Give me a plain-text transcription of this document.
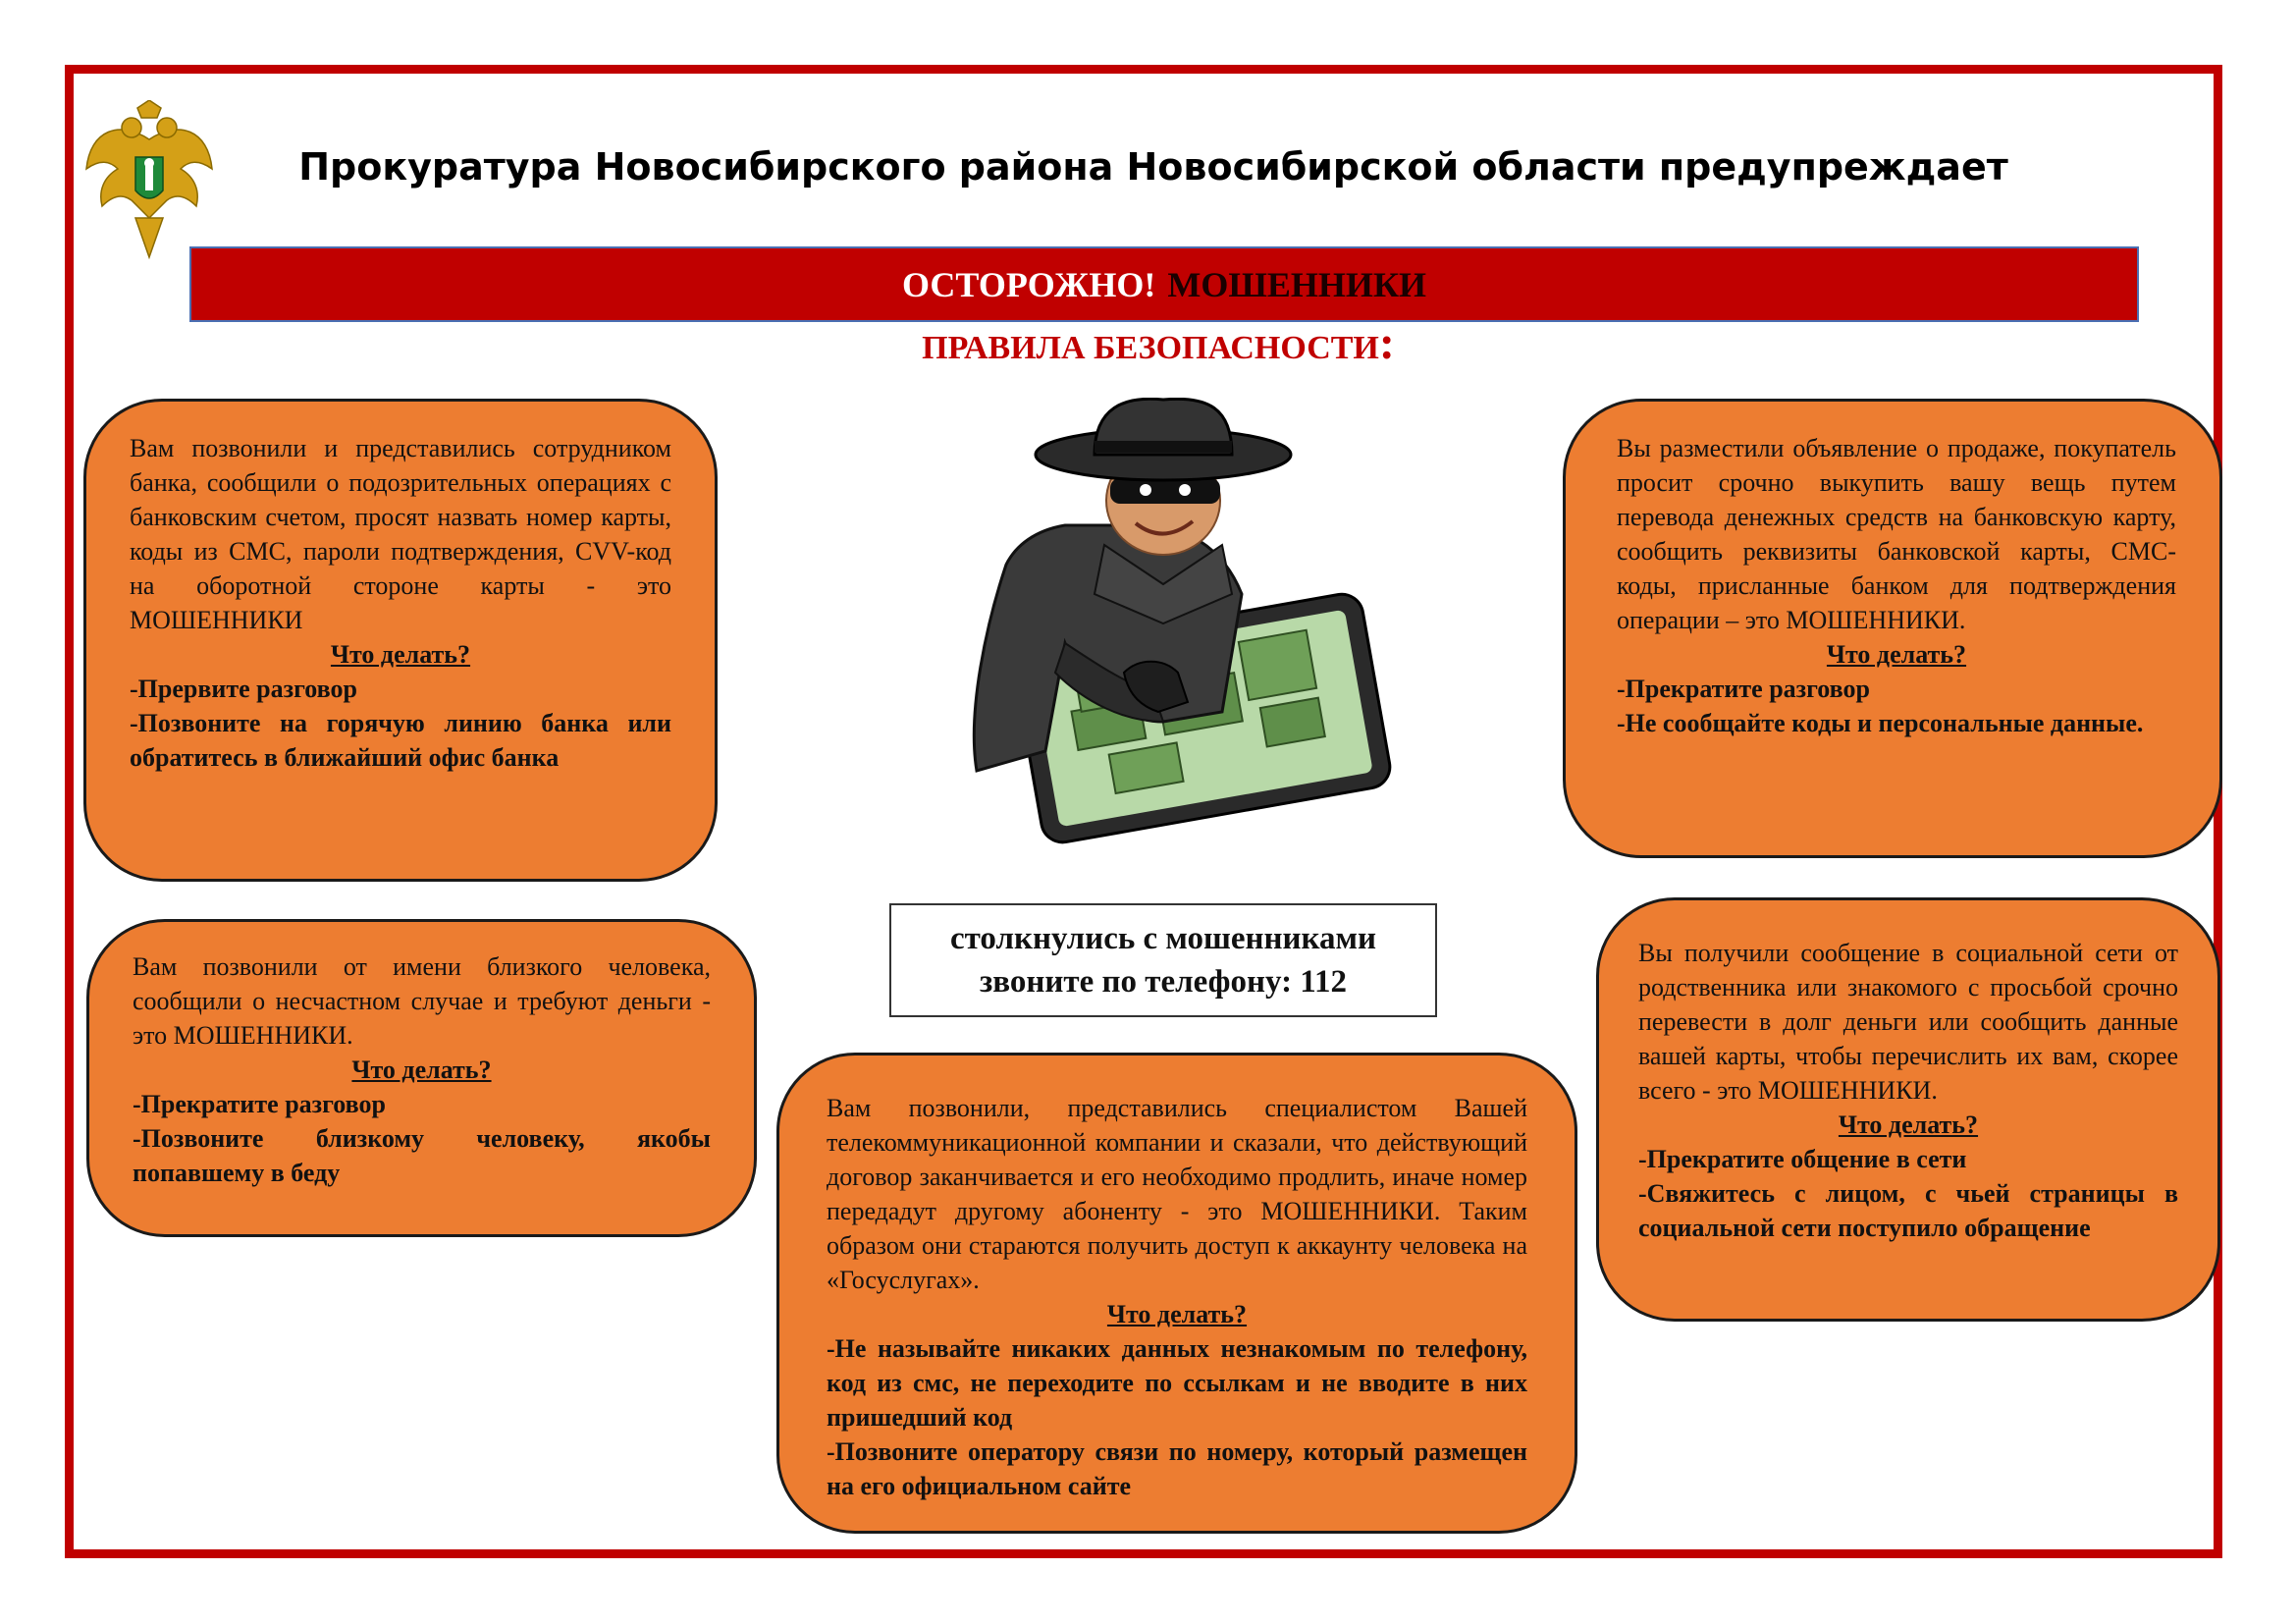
Прокуратура Новосибирского района Новосибирской области предупреждает
ОСТОРОЖНО! МОШЕННИКИ
ПРАВИЛА БЕЗОПАСНОСТИ:
Вам позвонили и представились сотрудником банка, сообщили о подозрительных операциях с банковским счетом, просят назвать номер карты, коды из СМС, пароли подтверждения, CVV-код на оборотной стороне карты - это МОШЕННИКИ
Что делать?
-Прервите разговор
-Позвоните на горячую линию банка или обратитесь в ближайший офис банка
Вы разместили объявление о продаже, покупатель просит срочно выкупить вашу вещь путем перевода денежных средств на банковскую карту, сообщить реквизиты банковской карты, СМС-коды, присланные банком для подтверждения операции – это МОШЕННИКИ.
Что делать?
-Прекратите разговор
-Не сообщайте коды и персональные данные.
Вам позвонили от имени близкого человека, сообщили о несчастном случае и требуют деньги - это МОШЕННИКИ.
Что делать?
-Прекратите разговор
-Позвоните близкому человеку, якобы попавшему в беду
столкнулись с мошенниками
звоните по телефону: 112
Вам позвонили, представились специалистом Вашей телекоммуникационной компании и сказали, что действующий договор заканчивается и его необходимо продлить, иначе номер передадут другому абоненту - это МОШЕННИКИ. Таким образом они стараются получить доступ к аккаунту человека на «Госуслугах».
Что делать?
-Не называйте никаких данных незнакомым по телефону, код из смс, не переходите по ссылкам и не вводите в них пришедший код
-Позвоните оператору связи по номеру, который размещен на его официальном сайте
Вы получили сообщение в социальной сети от родственника или знакомого с просьбой срочно перевести в долг деньги или сообщить данные вашей карты, чтобы перечислить их вам, скорее всего - это МОШЕННИКИ.
Что делать?
-Прекратите общение в сети
-Свяжитесь с лицом, с чьей страницы в социальной сети поступило обращение
